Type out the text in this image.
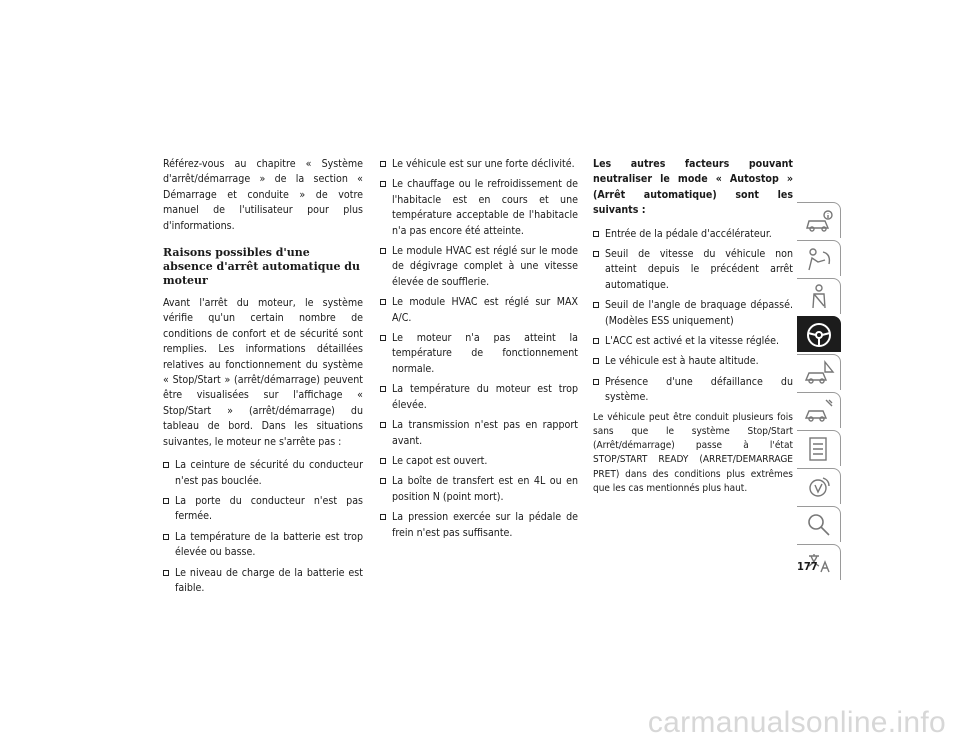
Référez-vous au chapitre « Système d'arrêt/démarrage » de la section « Démarrage et conduite » de votre manuel de l'utilisateur pour plus d'informations.

Raisons possibles d'une absence d'arrêt automatique du moteur

Avant l'arrêt du moteur, le système vérifie qu'un certain nombre de conditions de confort et de sécurité sont remplies. Les informations détaillées relatives au fonctionnement du système « Stop/Start » (arrêt/démarrage) peuvent être visualisées sur l'affichage « Stop/Start » (arrêt/démarrage) du tableau de bord. Dans les situations suivantes, le moteur ne s'arrête pas :

La ceinture de sécurité du conducteur n'est pas bouclée.
La porte du conducteur n'est pas fermée.
La température de la batterie est trop élevée ou basse.
Le niveau de charge de la batterie est faible.
Le véhicule est sur une forte déclivité.
Le chauffage ou le refroidissement de l'habitacle est en cours et une température acceptable de l'habitacle n'a pas encore été atteinte.
Le module HVAC est réglé sur le mode de dégivrage complet à une vitesse élevée de soufflerie.
Le module HVAC est réglé sur MAX A/C.
Le moteur n'a pas atteint la température de fonctionnement normale.
La température du moteur est trop élevée.
La transmission n'est pas en rapport avant.
Le capot est ouvert.
La boîte de transfert est en 4L ou en position N (point mort).
La pression exercée sur la pédale de frein n'est pas suffisante.

Les autres facteurs pouvant neutraliser le mode « Autostop » (Arrêt automatique) sont les suivants :

Entrée de la pédale d'accélérateur.
Seuil de vitesse du véhicule non atteint depuis le précédent arrêt automatique.
Seuil de l'angle de braquage dépassé. (Modèles ESS uniquement)
L'ACC est activé et la vitesse réglée.
Le véhicule est à haute altitude.
Présence d'une défaillance du système.

Le véhicule peut être conduit plusieurs fois sans que le système Stop/Start (Arrêt/démarrage) passe à l'état STOP/START READY (ARRET/DEMARRAGE PRET) dans des conditions plus extrêmes que les cas mentionnés plus haut.

177
carmanualsonline.info
